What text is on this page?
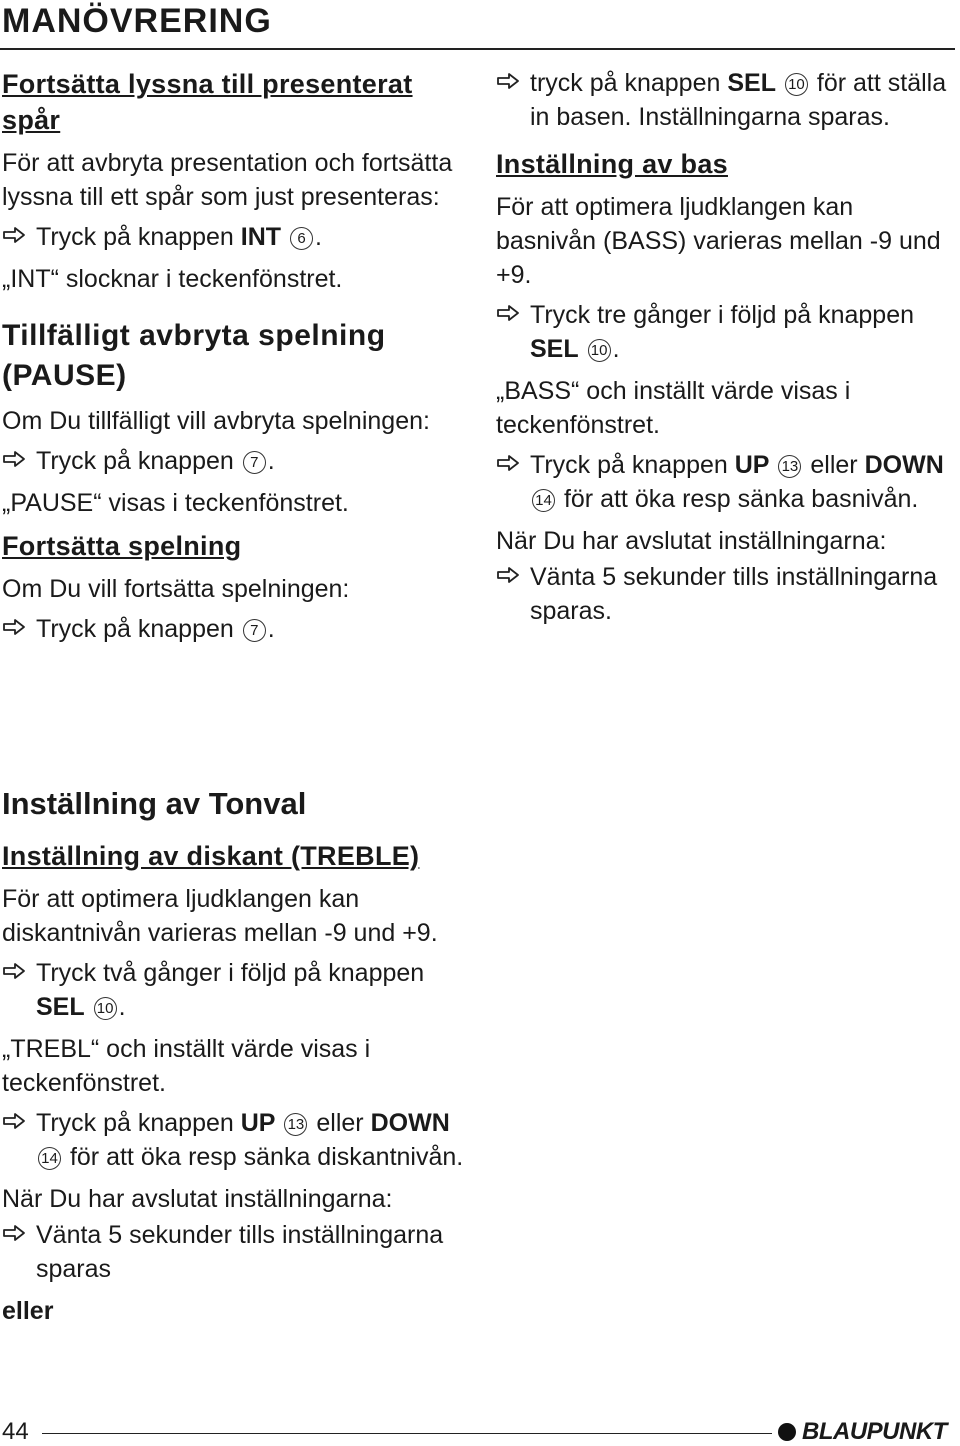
MANÖVRERING
Fortsätta lyssna till presenterat spår

För att avbryta presentation och fortsätta lyssna till ett spår som just presenteras:

Tryck på knappen INT 6 .

„INT“ slocknar i teckenfönstret.

Tillfälligt avbryta spelning (PAUSE)

Om Du tillfälligt vill avbryta spelningen:

Tryck på knappen 7 .

„PAUSE“ visas i teckenfönstret.

Fortsätta spelning

Om Du vill fortsätta spelningen:

Tryck på knappen 7 .
tryck på knappen SEL 10 för att ställa in basen. Inställningarna sparas.
Inställning av bas

För att optimera ljudklangen kan basnivån (BASS) varieras mellan -9 und +9.

Tryck tre gånger i följd på knappen SEL 10 .

„BASS“ och inställt värde visas i teckenfönstret.

Tryck på knappen UP 13 eller DOWN 14 för att öka resp sänka basnivån.

När Du har avslutat inställningarna:

Vänta 5 sekunder tills inställningarna sparas.
Inställning av Tonval
Inställning av diskant (TREBLE)

För att optimera ljudklangen kan diskantnivån varieras mellan -9 und +9.

Tryck två gånger i följd på knappen SEL 10 .

„TREBL“ och inställt värde visas i teckenfönstret.

Tryck på knappen UP 13 eller DOWN 14 för att öka resp sänka diskantnivån.

När Du har avslutat inställningarna:

Vänta 5 sekunder tills inställningarna sparas

eller

44	BLAUPUNKT
